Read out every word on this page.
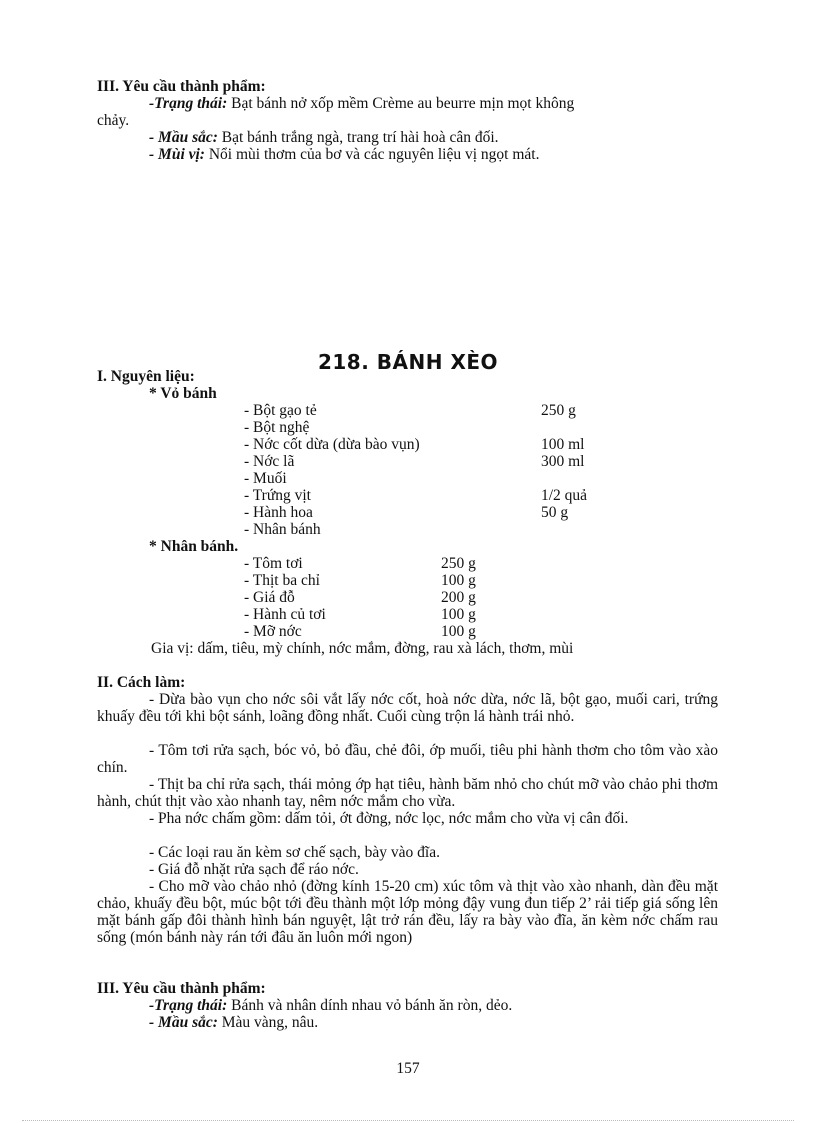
III. Yêu cầu thành phẩm:
-Trạng thái: Bạt bánh nở xốp mềm Crème au beurre mịn mọt không
chảy.
- Mầu sắc: Bạt bánh trắng ngà, trang trí hài hoà cân đối.
- Mùi vị: Nổi mùi thơm của bơ và các nguyên liệu vị ngọt mát.
218. BÁNH XÈO
I. Nguyên liệu:
* Vỏ bánh
- Bột gạo tẻ	250 g
- Bột nghệ
- Nớc cốt dừa (dừa bào vụn)	100 ml
- Nớc lã	300 ml
- Muối
- Trứng vịt	1/2 quả
- Hành hoa	50 g
- Nhân bánh
* Nhân bánh.
- Tôm tơi	250 g
- Thịt ba chỉ	100 g
- Giá đỗ	200 g
- Hành củ tơi	100 g
- Mỡ nớc	100 g
Gia vị: dấm, tiêu, mỳ chính, nớc mắm, đờng, rau xà lách, thơm, mùi
II. Cách làm:
- Dừa bào vụn cho nớc sôi vắt lấy nớc cốt, hoà nớc dừa, nớc lã, bột gạo, muối cari, trứng khuấy đều tới khi bột sánh, loãng đồng nhất. Cuối cùng trộn lá hành trái nhỏ.
- Tôm tơi rửa sạch, bóc vỏ, bỏ đầu, chẻ đôi, ớp muối, tiêu phi hành thơm cho tôm vào xào chín.
- Thịt ba chỉ rửa sạch, thái mỏng ớp hạt tiêu, hành băm nhỏ cho chút mỡ vào chảo phi thơm hành, chút thịt vào xào nhanh tay, nêm nớc mắm cho vừa.
- Pha nớc chấm gồm: dấm tỏi, ớt đờng, nớc lọc, nớc mắm cho vừa vị cân đối.
- Các loại rau ăn kèm sơ chế sạch, bày vào đĩa.
- Giá đỗ nhặt rửa sạch để ráo nớc.
- Cho mỡ vào chảo nhỏ (đờng kính 15-20 cm) xúc tôm và thịt vào xào nhanh, dàn đều mặt chảo, khuấy đều bột, múc bột tới đều thành một lớp mỏng đậy vung đun tiếp 2’ rải tiếp giá sống lên mặt bánh gấp đôi thành hình bán nguyệt, lật trở rán đều, lấy ra bày vào đĩa, ăn kèm nớc chấm rau sống (món bánh này rán tới đâu ăn luôn mới ngon)
III. Yêu cầu thành phẩm:
-Trạng thái: Bánh và nhân dính nhau vỏ bánh ăn ròn, dẻo.
- Mầu sắc: Màu vàng, nâu.
157
